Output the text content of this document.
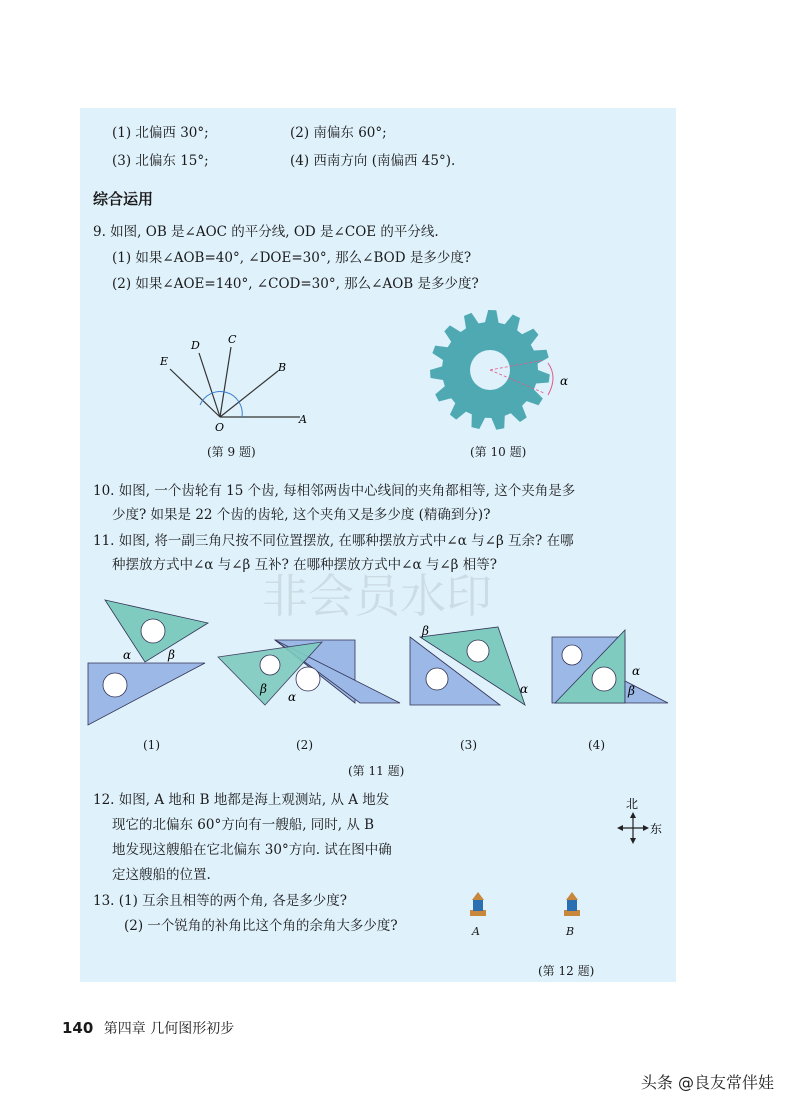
(1) 北偏西 30°;	(2) 南偏东 60°;
(3) 北偏东 15°;	(4) 西南方向 (南偏西 45°).
综合运用
9. 如图, OB 是∠AOC 的平分线, OD 是∠COE 的平分线.
(1) 如果∠AOB=40°, ∠DOE=30°, 那么∠BOD 是多少度?
(2) 如果∠AOE=140°, ∠COD=30°, 那么∠AOB 是多少度?
E
D	C
B
A
O
(第 9 题)
α
(第 10 题)
10. 如图, 一个齿轮有 15 个齿, 每相邻两齿中心线间的夹角都相等, 这个夹角是多
少度? 如果是 22 个齿的齿轮, 这个夹角又是多少度 (精确到分)?
11. 如图, 将一副三角尺按不同位置摆放, 在哪种摆放方式中∠α 与∠β 互余? 在哪
种摆放方式中∠α 与∠β 互补? 在哪种摆放方式中∠α 与∠β 相等?
α	β
β
α
β
α
α
β
(1)	(2)	(3)	(4)
(第 11 题)
12. 如图, A 地和 B 地都是海上观测站, 从 A 地发
现它的北偏东 60°方向有一艘船, 同时, 从 B
地发现这艘船在它北偏东 30°方向. 试在图中确
定这艘船的位置.
北
东
13. (1) 互余且相等的两个角, 各是多少度?
(2) 一个锐角的补角比这个角的余角大多少度?	A	B
(第 12 题)
140 第四章 几何图形初步
头条 @良友常伴娃
